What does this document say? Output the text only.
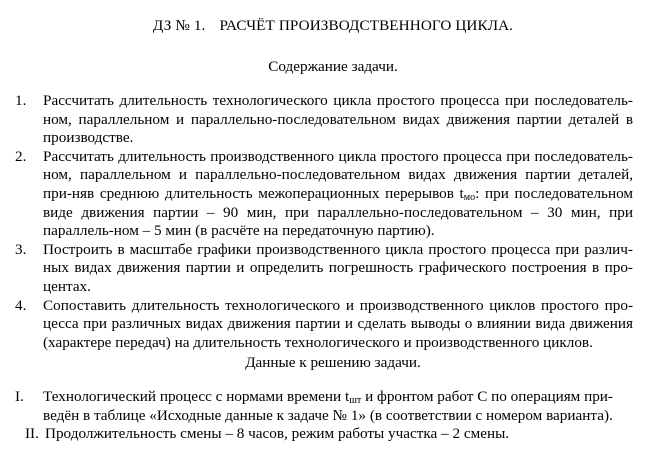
ДЗ № 1. РАСЧЁТ ПРОИЗВОДСТВЕННОГО ЦИКЛА.
Содержание задачи.
1. Рассчитать длительность технологического цикла простого процесса при последователь-ном, параллельном и параллельно-последовательном видах движения партии деталей в производстве.
2. Рассчитать длительность производственного цикла простого процесса при последователь-ном, параллельном и параллельно-последовательном видах движения партии деталей, при-няв среднюю длительность межоперационных перерывов $t_{мо}$: при последовательном виде движения партии – 90 мин, при параллельно-последовательном – 30 мин, при параллель-ном – 5 мин (в расчёте на передаточную партию).
3. Построить в масштабе графики производственного цикла простого процесса при различ-ных видах движения партии и определить погрешность графического построения в про-центах.
4. Сопоставить длительность технологического и производственного циклов простого про-цесса при различных видах движения партии и сделать выводы о влиянии вида движения (характере передач) на длительность технологического и производственного циклов.
Данные к решению задачи.
I. Технологический процесс с нормами времени $t_{шт}$ и фронтом работ С по операциям при-ведён в таблице «Исходные данные к задаче № 1» (в соответствии с номером варианта).
II. Продолжительность смены – 8 часов, режим работы участка – 2 смены.
